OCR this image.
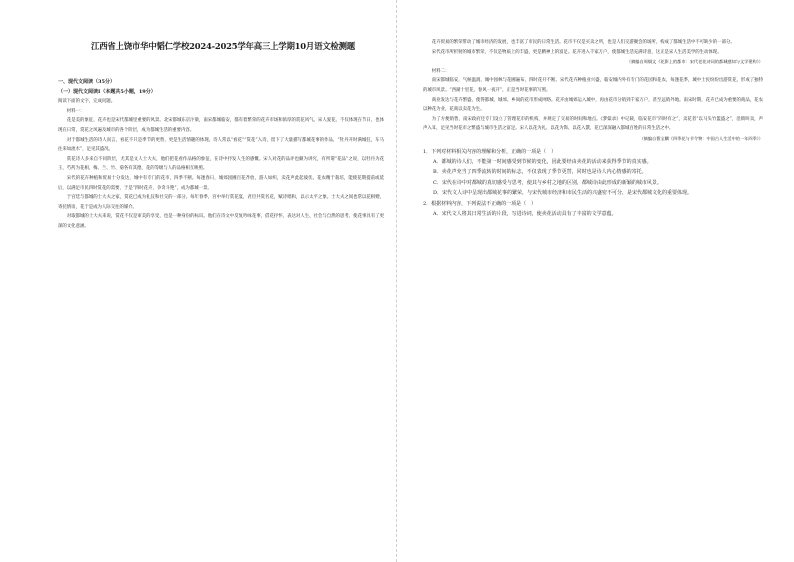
江西省上饶市华中韬仁学校2024-2025学年高三上学期10月语文检测题

一、现代文阅读（35分）

（一）现代文阅读Ⅰ（本题共5小题，19分）

阅读下面的文字，完成问题。

材料一：

花是美的象征，花卉也是宋代都城里重要的风景。北宋都城东京汴梁，南宋都城临安，都有着繁荣的花卉市场和浓厚的赏花风气。宋人爱花，不仅体现在节日，也体现在日常，赏花之风遍及城市的各个阶层，成为都城生活的重要内容。

对于都城生活的诗人而言，看花不只是季节的更替，更是生活情趣的体现。诗人常以“看花”“赏花”入诗，留下了大量描写都城花事的作品，“牡丹开时满城狂，车马往来如流水”，足见其盛况。

赏花诗人多来自不同阶层，尤其是文人士大夫，他们把花看作品格的象征，在诗中抒发人生的感慨。宋人对花的品评也颇为讲究，有所谓“花品”之说，以牡丹为花王，芍药为花相，梅、兰、竹、菊各有其德，花的等级与人的品格相互映照。

宋代的花卉种植和贸易十分发达，城中有专门的花市，四季不断。每逢春日，城郊园圃百花齐放，游人如织，卖花声此起彼伏。花农精于栽培，能使花期提前或延后，以满足市民四时赏花的需要，于是“四时花卉，争奇斗艳”，成为都城一景。

于宫廷与都城的士大夫之家，赏花已成为礼仪和社交的一部分。每年春季，宫中举行赏花宴，君臣共赏名花，赋诗唱和，以示太平之象。士大夫之间也常以花相赠，寄托情谊，花于是成为人际交往的媒介。

对取都城的士大夫来说，赏花不仅是审美的享受，也是一种身份的标识。他们在诗文中反复吟咏花事，借花抒怀，表达对人生、社会与自然的思考，使花事具有了更深的文化意涵。

花卉贸易的繁荣带动了城市经济的发展，也丰富了市民的日常生活。花市不仅是买卖之所，也是人们交游聚会的场所，构成了都城生活中不可缺少的一部分。

宋代花市所折射的城市繁荣，不仅是物质上的丰盛，更是精神上的富足。花卉进入千家万户，使都城生活充满诗意，这正是宋人生活美学的生动体现。

（摘编自周炯文《花影上的都市：宋代老花诗词的都城感知与文学建构》）

材料二：

南宋都城临安，气候温润，城中园林与花圃遍布，四时花开不断。宋代花卉种植业兴盛，临安城内外有专门的花园和花农，每逢花季，城中士民纷纷出游赏花，形成了独特的城市风景。“西湖十里花，春风一夜开”，正是当时花事的写照。

商业发达与花卉繁盛，使得都城、城郊、乡间的花市形成网络。花卉由城郊运入城中，再由花市分销到千家万户，甚至远销外地。南宋时期，花卉已成为重要的商品，花农以种花为业，花商以卖花为生。

为了方便销售，南宋政府还专门设立了管理花市的机构，并规定了交易的时间和地点。《梦粱录》中记载，临安花市“四时有之”，卖花者“以马头竹篮盛之”，沿街叫卖，声声入耳，足见当时花市之繁盛与城市生活之富足。宋人以花为礼、以花为饰、以花入馔，花已深深融入都城百姓的日常生活之中。

（摘编自曹宝麟《四季花与节令物：中国古人生活中的一年四季》）

1．下列对材料相关内容的理解和分析，正确的一项是（　）

A．都城的诗人们，不能第一时间感受到节候的变化，因此要经由卖花的活动来获得季节的真实感。

B．卖花声充当了四季流转的时间的标志，不仅表现了季节更替，同时也是诗人内心情感的寄托。

C．宋代在诗中对都城的真切感受与思考，使其与乡村之地的区别，都城诗由此形成的新颖的城市风景。

D．宋代文人诗中呈现出都城花事的繁荣，与宋代城市经济和市民生活的兴盛密不可分，是宋代都城文化的重要体现。

2．根据材料内容，下列说法不正确的一项是（　）

A．宋代文人将其日常生活的片段，写进诗词，使卖花活动具有了丰富的文学意蕴。
